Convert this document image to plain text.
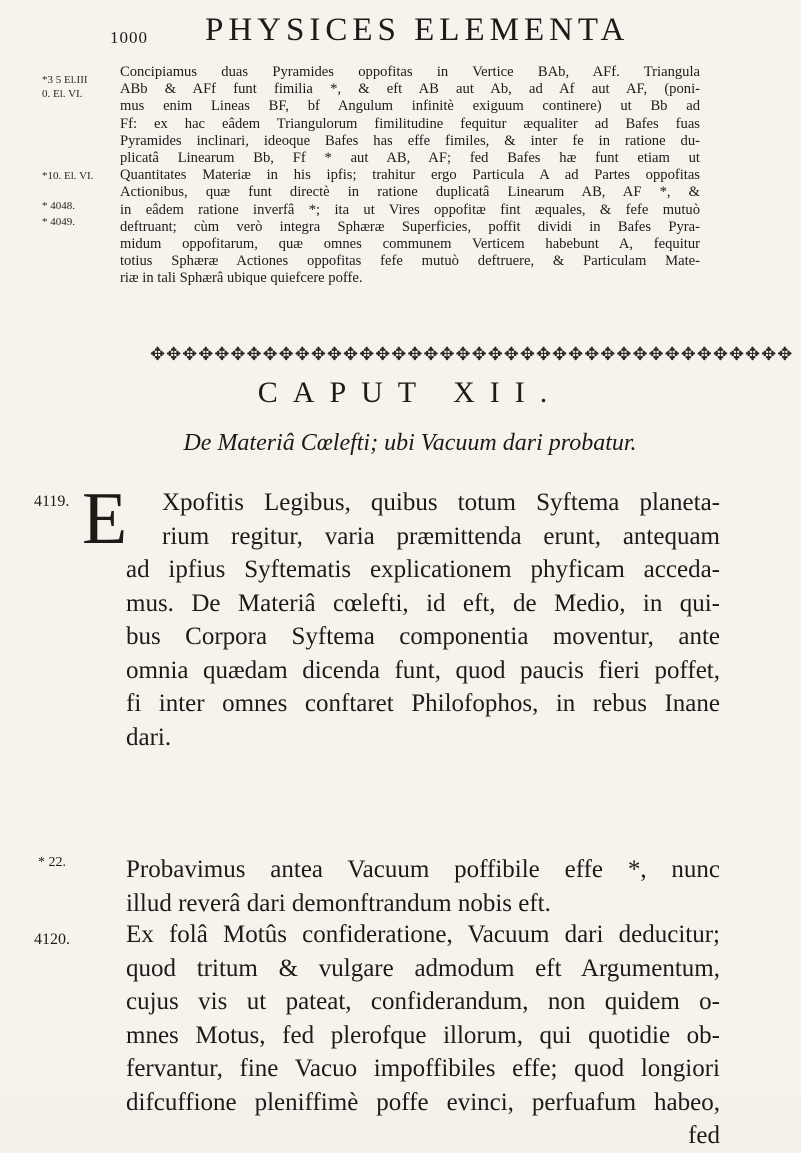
1000 PHYSICES ELEMENTA
*3 5 El.III
0. El. VI.
*10. El. VI.
* 4048.
* 4049.
Concipiamus duas Pyramides oppofitas in Vertice BAb, AFf. Triangula
ABb & AFf funt fimilia *, & eft AB aut Ab, ad Af aut AF, (poni-
mus enim Lineas BF, bf Angulum infinitè exiguum continere) ut Bb ad
Ff: ex hac eâdem Triangulorum fimilitudine fequitur æqualiter ad Bafes fuas
Pyramides inclinari, ideoque Bafes has effe fimiles, & inter fe in ratione du-
plicatâ Linearum Bb, Ff * aut AB, AF; fed Bafes hæ funt etiam ut
Quantitates Materiæ in his ipfis; trahitur ergo Particula A ad Partes oppofitas
Actionibus, quæ funt directè in ratione duplicatâ Linearum AB, AF *, &
in eâdem ratione inverfâ *; ita ut Vires oppofitæ fint æquales, & fefe mutuò
deftruant; cùm verò integra Sphæræ Superficies, poffit dividi in Bafes Pyra-
midum oppofitarum, quæ omnes communem Verticem habebunt A, fequitur
totius Sphæræ Actiones oppofitas fefe mutuò deftruere, & Particulam Mate-
riæ in tali Sphærâ ubique quiefcere poffe.
✥✥✥✥✥✥✥✥✥✥✥✥✥✥✥✥✥✥✥✥✥✥✥✥✥✥✥✥✥✥✥✥✥✥✥✥✥✥✥✥
CAPUT XII.
De Materiâ Cœlefti; ubi Vacuum dari probatur.
4119. E	Xpofitis Legibus, quibus totum Syftema planeta-
rium regitur, varia præmittenda erunt, antequam
ad ipfius Syftematis explicationem phyficam acceda-
mus. De Materiâ cœlefti, id eft, de Medio, in qui-
bus Corpora Syftema componentia moventur, ante
omnia quædam dicenda funt, quod paucis fieri poffet,
fi inter omnes conftaret Philofophos, in rebus Inane
dari.
* 22.	Probavimus antea Vacuum poffibile effe *, nunc
illud reverâ dari demonftrandum nobis eft.
4120.	Ex folâ Motûs confideratione, Vacuum dari deducitur;
quod tritum & vulgare admodum eft Argumentum,
cujus vis ut pateat, confiderandum, non quidem o-
mnes Motus, fed plerofque illorum, qui quotidie ob-
fervantur, fine Vacuo impoffibiles effe; quod longiori
difcuffione pleniffimè poffe evinci, perfuafum habeo,
fed
